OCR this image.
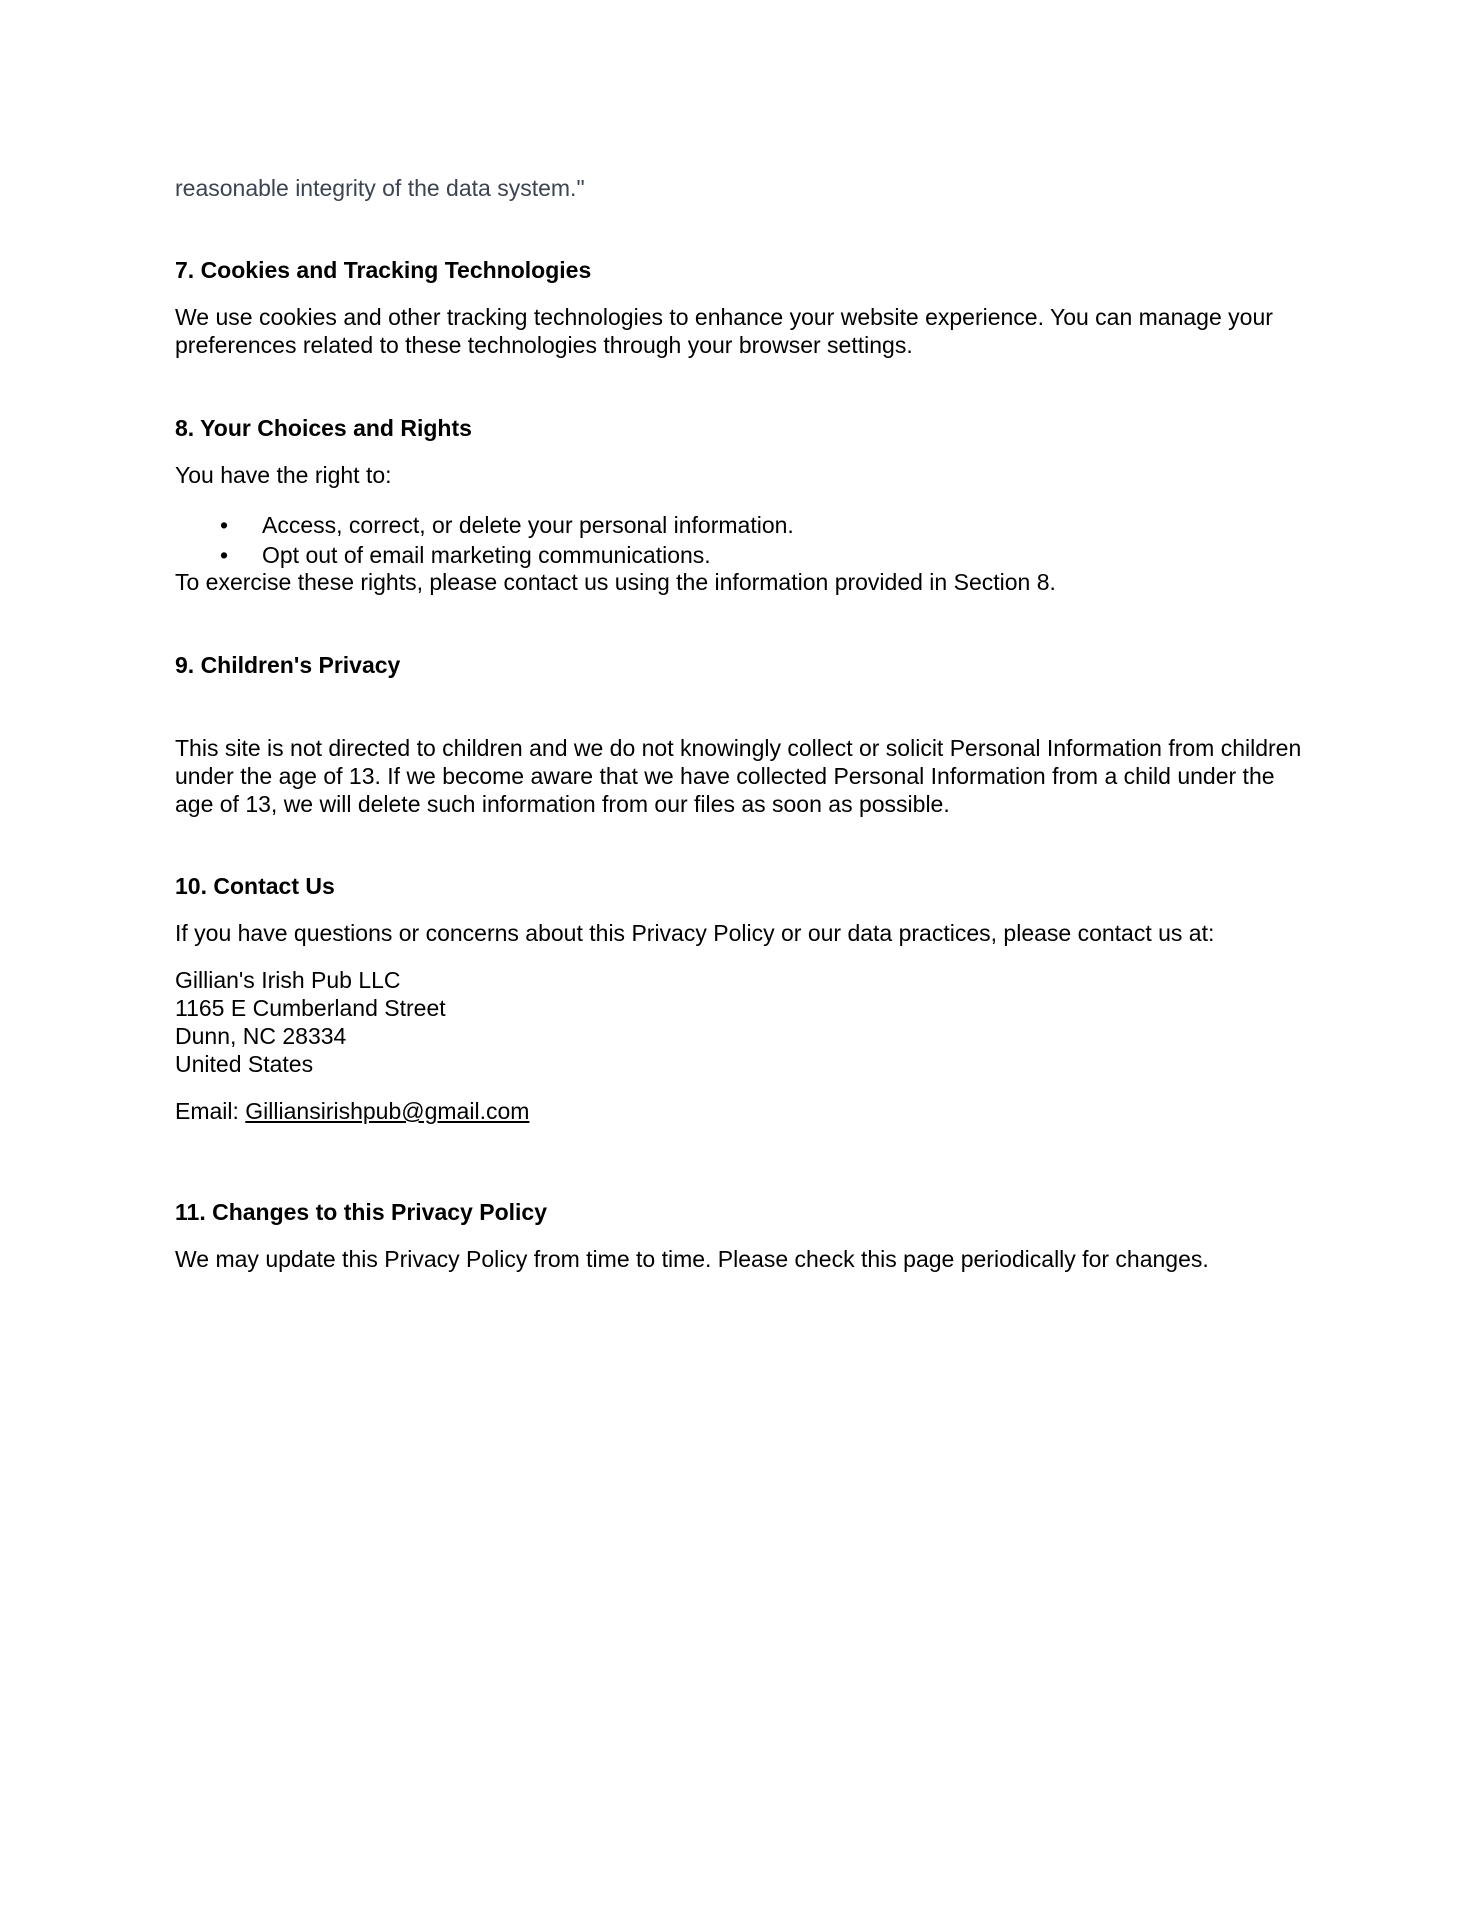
reasonable integrity of the data system."

7. Cookies and Tracking Technologies

We use cookies and other tracking technologies to enhance your website experience. You can manage your

preferences related to these technologies through your browser settings.

8. Your Choices and Rights

You have the right to:

• Access, correct, or delete your personal information.
• Opt out of email marketing communications.

To exercise these rights, please contact us using the information provided in Section 8.

9. Children's Privacy

This site is not directed to children and we do not knowingly collect or solicit Personal Information from children

under the age of 13. If we become aware that we have collected Personal Information from a child under the

age of 13, we will delete such information from our files as soon as possible.

10. Contact Us

If you have questions or concerns about this Privacy Policy or our data practices, please contact us at:

Gillian's Irish Pub LLC

1165 E Cumberland Street

Dunn, NC 28334

United States

Email: Gilliansirishpub@gmail.com

11. Changes to this Privacy Policy

We may update this Privacy Policy from time to time. Please check this page periodically for changes.
